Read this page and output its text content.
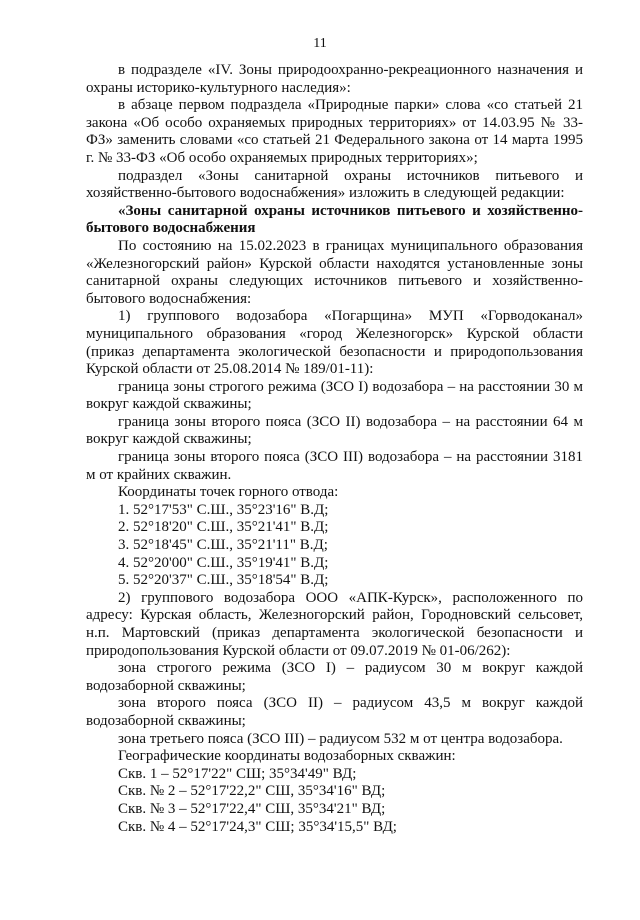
11

в подразделе «IV. Зоны природоохранно-рекреационного назначения и охраны историко-культурного наследия»:

в абзаце первом подраздела «Природные парки» слова «со статьей 21 закона «Об особо охраняемых природных территориях» от 14.03.95 № 33-ФЗ» заменить словами «со статьей 21 Федерального закона от 14 марта 1995 г. № 33-ФЗ «Об особо охраняемых природных территориях»;

подраздел «Зоны санитарной охраны источников питьевого и хозяйственно-бытового водоснабжения» изложить в следующей редакции:

«Зоны санитарной охраны источников питьевого и хозяйственно-бытового водоснабжения

По состоянию на 15.02.2023 в границах муниципального образования «Железногорский район» Курской области находятся установленные зоны санитарной охраны следующих источников питьевого и хозяйственно-бытового водоснабжения:

1) группового водозабора «Погарщина» МУП «Горводоканал» муниципального образования «город Железногорск» Курской области (приказ департамента экологической безопасности и природопользования Курской области от 25.08.2014 № 189/01-11):

граница зоны строгого режима (ЗСО I) водозабора – на расстоянии 30 м вокруг каждой скважины;

граница зоны второго пояса (ЗСО II) водозабора – на расстоянии 64 м вокруг каждой скважины;

граница зоны второго пояса (ЗСО III) водозабора – на расстоянии 3181 м от крайних скважин.

Координаты точек горного отвода:

1. 52°17'53" С.Ш., 35°23'16" В.Д;

2. 52°18'20" С.Ш., 35°21'41" В.Д;

3. 52°18'45" С.Ш., 35°21'11" В.Д;

4. 52°20'00" С.Ш., 35°19'41" В.Д;

5. 52°20'37" С.Ш., 35°18'54" В.Д;

2) группового водозабора ООО «АПК-Курск», расположенного по адресу: Курская область, Железногорский район, Городновский сельсовет, н.п. Мартовский (приказ департамента экологической безопасности и природопользования Курской области от 09.07.2019 № 01-06/262):

зона строгого режима (ЗСО I) – радиусом 30 м вокруг каждой водозаборной скважины;

зона второго пояса (ЗСО II) – радиусом 43,5 м вокруг каждой водозаборной скважины;

зона третьего пояса (ЗСО III) – радиусом 532 м от центра водозабора.

Географические координаты водозаборных скважин:

Скв. 1 – 52°17'22" СШ; 35°34'49" ВД;

Скв. № 2 – 52°17'22,2" СШ, 35°34'16" ВД;

Скв. № 3 – 52°17'22,4" СШ, 35°34'21" ВД;

Скв. № 4 – 52°17'24,3" СШ; 35°34'15,5" ВД;
